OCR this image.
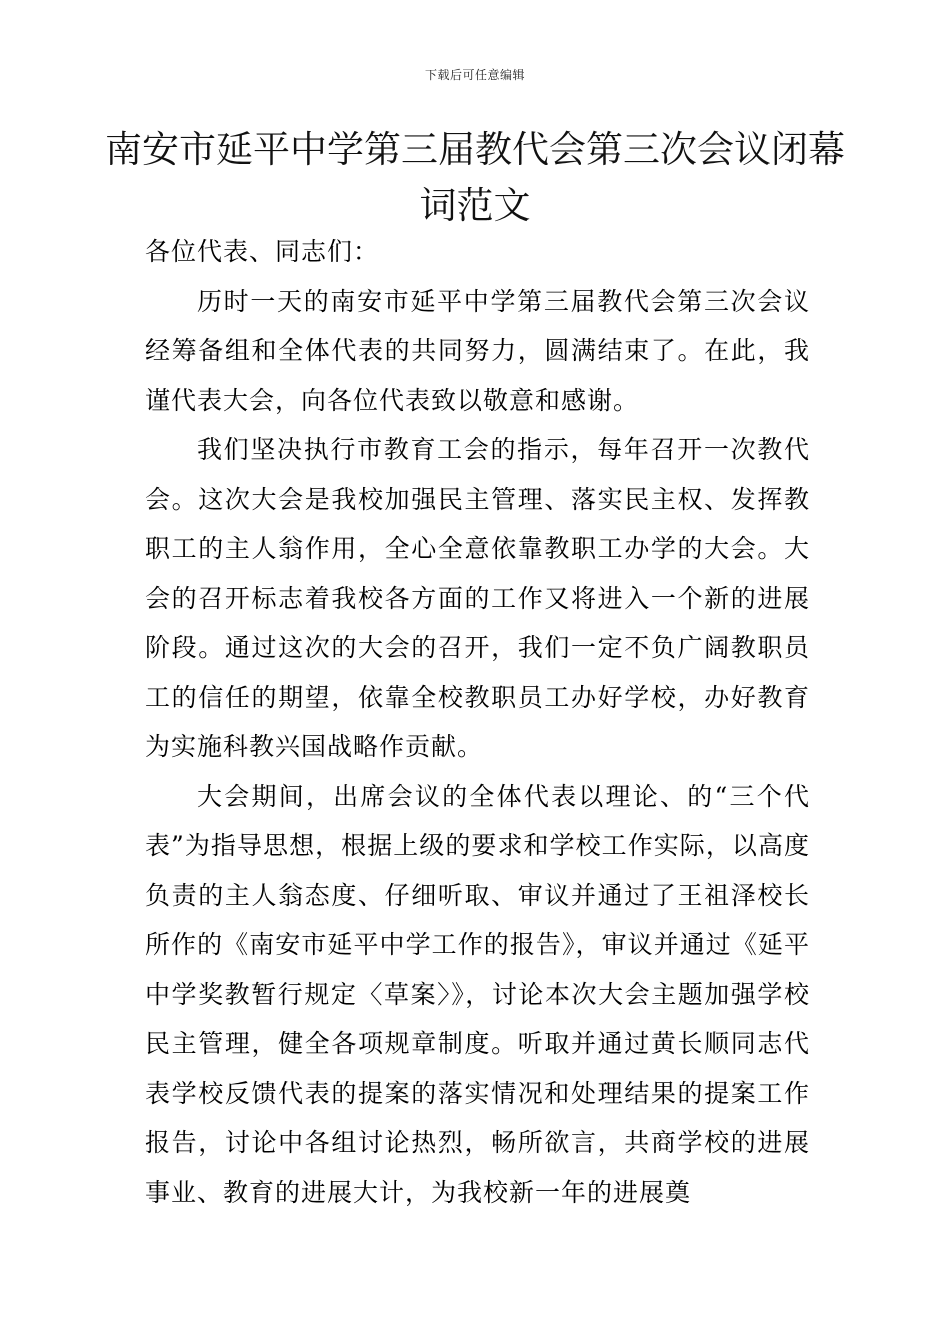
下载后可任意编辑
南安市延平中学第三届教代会第三次会议闭幕词范文

各位代表、同志们：

历时一天的南安市延平中学第三届教代会第三次会议经筹备组和全体代表的共同努力，圆满结束了。在此，我谨代表大会，向各位代表致以敬意和感谢。

我们坚决执行市教育工会的指示，每年召开一次教代会。这次大会是我校加强民主管理、落实民主权、发挥教职工的主人翁作用，全心全意依靠教职工办学的大会。大会的召开标志着我校各方面的工作又将进入一个新的进展阶段。通过这次的大会的召开，我们一定不负广阔教职员工的信任的期望，依靠全校教职员工办好学校，办好教育为实施科教兴国战略作贡献。

大会期间，出席会议的全体代表以理论、的“三个代表”为指导思想，根据上级的要求和学校工作实际，以高度负责的主人翁态度、仔细听取、审议并通过了王祖泽校长所作的《南安市延平中学工作的报告》，审议并通过《延平中学奖教暂行规定〈草案〉》，讨论本次大会主题加强学校民主管理，健全各项规章制度。听取并通过黄长顺同志代表学校反馈代表的提案的落实情况和处理结果的提案工作报告，讨论中各组讨论热烈，畅所欲言，共商学校的进展事业、教育的进展大计，为我校新一年的进展奠
